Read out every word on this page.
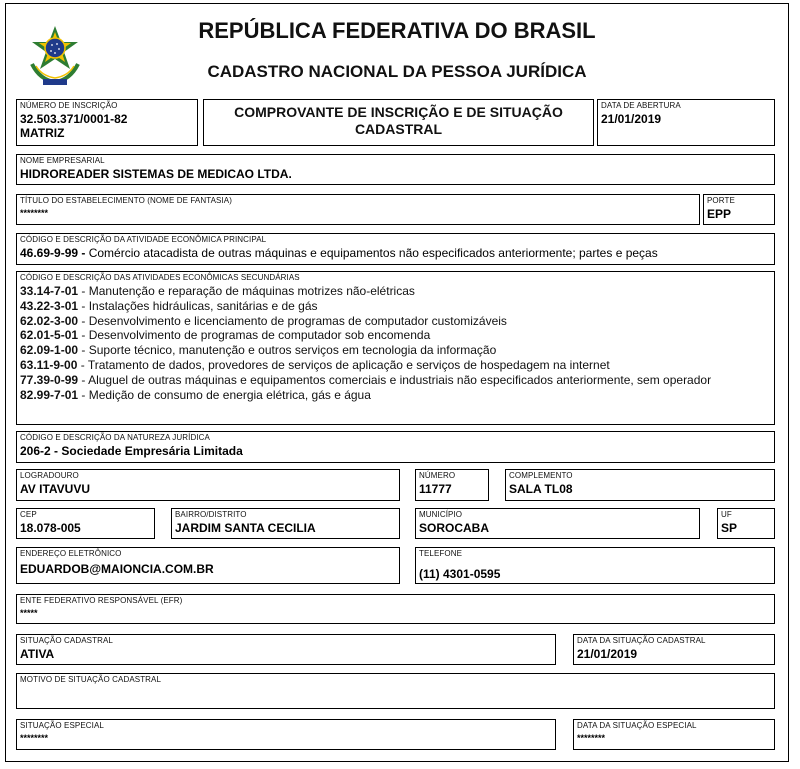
REPÚBLICA FEDERATIVA DO BRASIL
CADASTRO NACIONAL DA PESSOA JURÍDICA
NÚMERO DE INSCRIÇÃO
32.503.371/0001-82
MATRIZ
COMPROVANTE DE INSCRIÇÃO E DE SITUAÇÃO
CADASTRAL
DATA DE ABERTURA
21/01/2019
NOME EMPRESARIAL
HIDROREADER SISTEMAS DE MEDICAO LTDA.
TÍTULO DO ESTABELECIMENTO (NOME DE FANTASIA)
********
PORTE
EPP
CÓDIGO E DESCRIÇÃO DA ATIVIDADE ECONÔMICA PRINCIPAL
46.69-9-99 - Comércio atacadista de outras máquinas e equipamentos não especificados anteriormente; partes e peças
CÓDIGO E DESCRIÇÃO DAS ATIVIDADES ECONÔMICAS SECUNDÁRIAS
33.14-7-01 - Manutenção e reparação de máquinas motrizes não-elétricas
43.22-3-01 - Instalações hidráulicas, sanitárias e de gás
62.02-3-00 - Desenvolvimento e licenciamento de programas de computador customizáveis
62.01-5-01 - Desenvolvimento de programas de computador sob encomenda
62.09-1-00 - Suporte técnico, manutenção e outros serviços em tecnologia da informação
63.11-9-00 - Tratamento de dados, provedores de serviços de aplicação e serviços de hospedagem na internet
77.39-0-99 - Aluguel de outras máquinas e equipamentos comerciais e industriais não especificados anteriormente, sem operador
82.99-7-01 - Medição de consumo de energia elétrica, gás e água
CÓDIGO E DESCRIÇÃO DA NATUREZA JURÍDICA
206-2 - Sociedade Empresária Limitada
LOGRADOURO
AV ITAVUVU
NÚMERO
11777
COMPLEMENTO
SALA TL08
CEP
18.078-005
BAIRRO/DISTRITO
JARDIM SANTA CECILIA
MUNICÍPIO
SOROCABA
UF
SP
ENDEREÇO ELETRÔNICO
EDUARDOB@MAIONCIA.COM.BR
TELEFONE
(11) 4301-0595
ENTE FEDERATIVO RESPONSÁVEL (EFR)
*****
SITUAÇÃO CADASTRAL
ATIVA
DATA DA SITUAÇÃO CADASTRAL
21/01/2019
MOTIVO DE SITUAÇÃO CADASTRAL
SITUAÇÃO ESPECIAL
********
DATA DA SITUAÇÃO ESPECIAL
********
